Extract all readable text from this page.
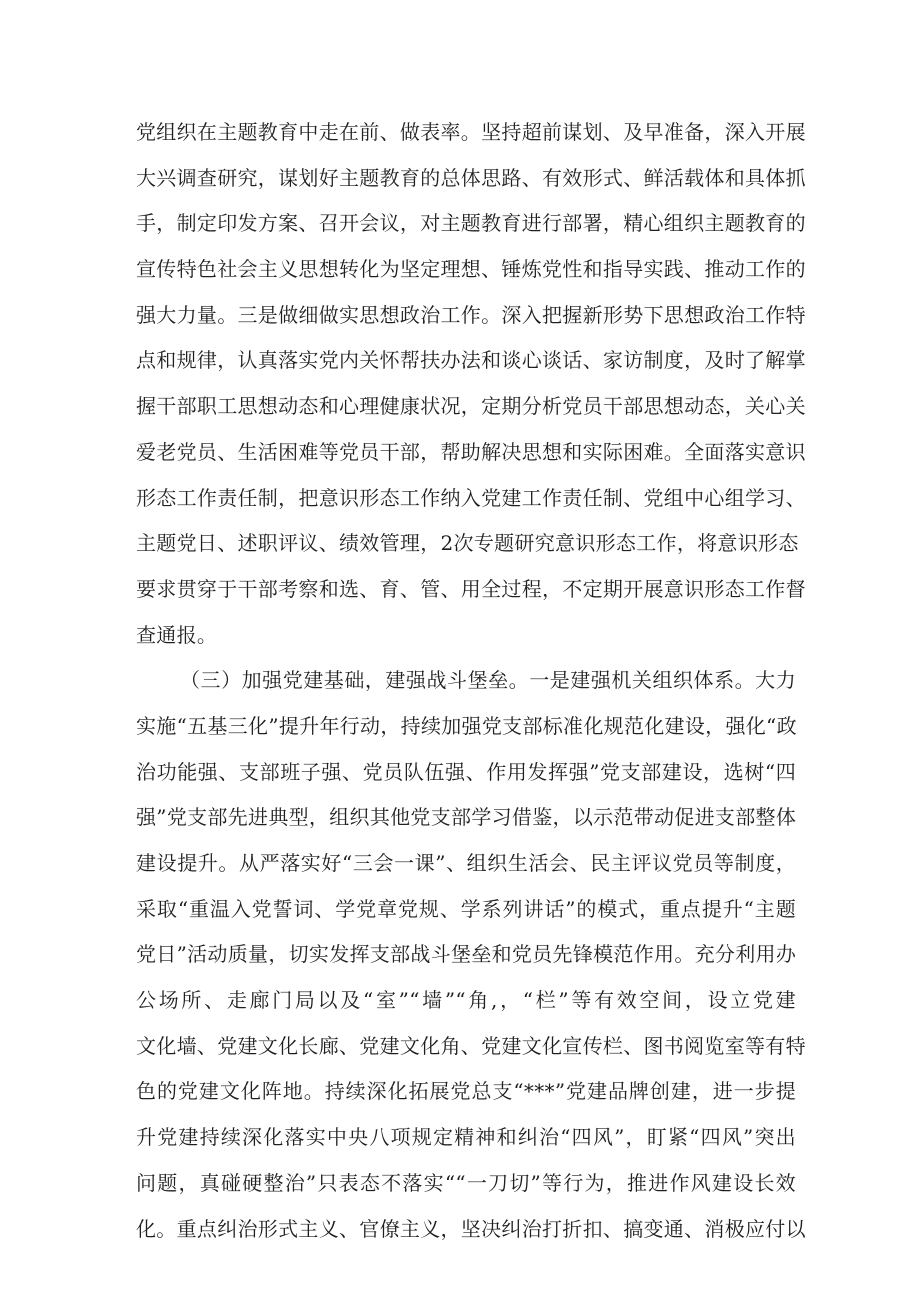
党组织在主题教育中走在前、做表率。坚持超前谋划、及早准备，深入开展
大兴调查研究，谋划好主题教育的总体思路、有效形式、鲜活载体和具体抓
手，制定印发方案、召开会议，对主题教育进行部署，精心组织主题教育的
宣传特色社会主义思想转化为坚定理想、锤炼党性和指导实践、推动工作的
强大力量。三是做细做实思想政治工作。深入把握新形势下思想政治工作特
点和规律，认真落实党内关怀帮扶办法和谈心谈话、家访制度，及时了解掌
握干部职工思想动态和心理健康状况，定期分析党员干部思想动态，关心关
爱老党员、生活困难等党员干部，帮助解决思想和实际困难。全面落实意识
形态工作责任制，把意识形态工作纳入党建工作责任制、党组中心组学习、
主题党日、述职评议、绩效管理，2次专题研究意识形态工作，将意识形态
要求贯穿于干部考察和选、育、管、用全过程，不定期开展意识形态工作督
查通报。
（三）加强党建基础，建强战斗堡垒。一是建强机关组织体系。大力
实施“五基三化”提升年行动，持续加强党支部标准化规范化建设，强化“政
治功能强、支部班子强、党员队伍强、作用发挥强”党支部建设，选树“四
强”党支部先进典型，组织其他党支部学习借鉴，以示范带动促进支部整体
建设提升。从严落实好“三会一课”、组织生活会、民主评议党员等制度，
采取“重温入党誓词、学党章党规、学系列讲话”的模式，重点提升“主题
党日”活动质量，切实发挥支部战斗堡垒和党员先锋模范作用。充分利用办
公场所、走廊门局以及“室”“墙”“角,，“栏”等有效空间，设立党建
文化墙、党建文化长廊、党建文化角、党建文化宣传栏、图书阅览室等有特
色的党建文化阵地。持续深化拓展党总支“***”党建品牌创建，进一步提
升党建持续深化落实中央八项规定精神和纠治“四风”，盯紧“四风”突出
问题，真碰硬整治”只表态不落实““一刀切”等行为，推进作风建设长效
化。重点纠治形式主义、官僚主义，坚决纠治打折扣、搞变通、消极应付以
